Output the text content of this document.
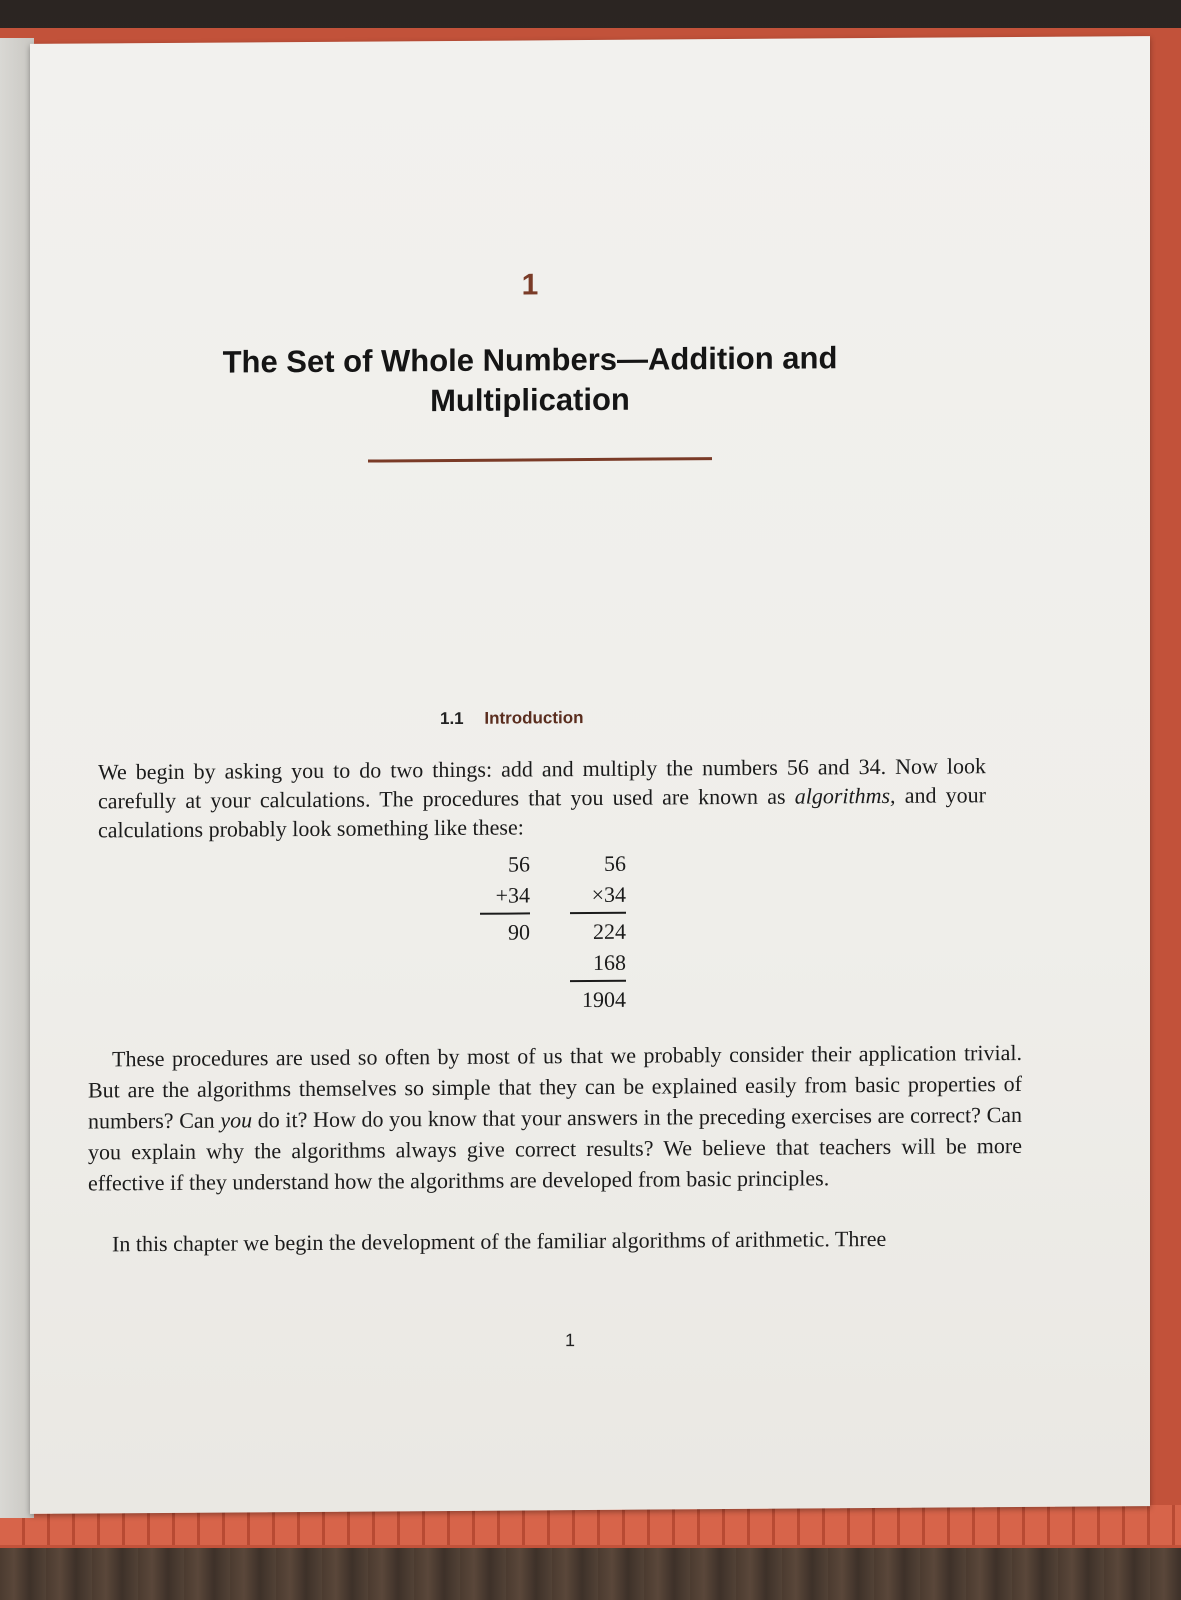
1
The Set of Whole Numbers—Addition and Multiplication
1.1 Introduction
We begin by asking you to do two things: add and multiply the numbers 56 and 34. Now look carefully at your calculations. The procedures that you used are known as algorithms, and your calculations probably look something like these:
56
+34
90
56
×34
224
168
1904
These procedures are used so often by most of us that we probably consider their application trivial. But are the algorithms themselves so simple that they can be explained easily from basic properties of numbers? Can you do it? How do you know that your answers in the preceding exercises are correct? Can you explain why the algorithms always give correct results? We believe that teachers will be more effective if they understand how the algorithms are developed from basic principles.
In this chapter we begin the development of the familiar algorithms of arithmetic. Three
1
